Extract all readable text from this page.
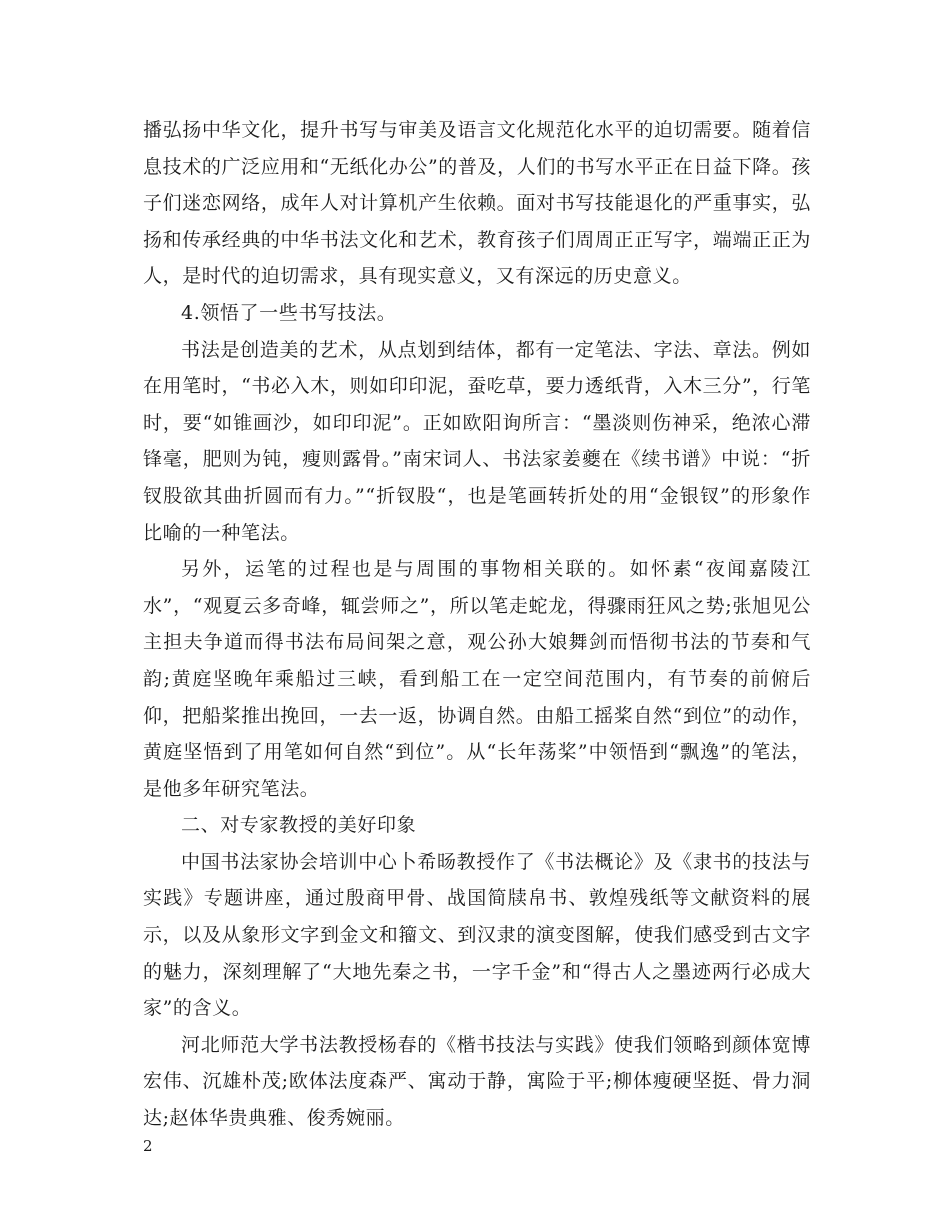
播弘扬中华文化，提升书写与审美及语言文化规范化水平的迫切需要。随着信息技术的广泛应用和“无纸化办公”的普及，人们的书写水平正在日益下降。孩子们迷恋网络，成年人对计算机产生依赖。面对书写技能退化的严重事实，弘扬和传承经典的中华书法文化和艺术，教育孩子们周周正正写字，端端正正为人，是时代的迫切需求，具有现实意义，又有深远的历史意义。

4.领悟了一些书写技法。

书法是创造美的艺术，从点划到结体，都有一定笔法、字法、章法。例如在用笔时，“书必入木，则如印印泥，蚕吃草，要力透纸背，入木三分”，行笔时，要“如锥画沙，如印印泥”。正如欧阳询所言：“墨淡则伤神采，绝浓心滞锋毫，肥则为钝，瘦则露骨。”南宋词人、书法家姜夔在《续书谱》中说：“折钗股欲其曲折圆而有力。”“折钗股“，也是笔画转折处的用“金银钗”的形象作比喻的一种笔法。

另外，运笔的过程也是与周围的事物相关联的。如怀素“夜闻嘉陵江水”，“观夏云多奇峰，辄尝师之”，所以笔走蛇龙，得骤雨狂风之势;张旭见公主担夫争道而得书法布局间架之意，观公孙大娘舞剑而悟彻书法的节奏和气韵;黄庭坚晚年乘船过三峡，看到船工在一定空间范围内，有节奏的前俯后仰，把船桨推出挽回，一去一返，协调自然。由船工摇桨自然“到位”的动作，黄庭坚悟到了用笔如何自然“到位”。从“长年荡桨”中领悟到“飘逸”的笔法，是他多年研究笔法。

二、对专家教授的美好印象

中国书法家协会培训中心卜希旸教授作了《书法概论》及《隶书的技法与实践》专题讲座，通过殷商甲骨、战国简牍帛书、敦煌残纸等文献资料的展示，以及从象形文字到金文和籀文、到汉隶的演变图解，使我们感受到古文字的魅力，深刻理解了“大地先秦之书，一字千金”和“得古人之墨迹两行必成大家”的含义。

河北师范大学书法教授杨春的《楷书技法与实践》使我们领略到颜体宽博宏伟、沉雄朴茂;欧体法度森严、寓动于静，寓险于平;柳体瘦硬坚挺、骨力洞达;赵体华贵典雅、俊秀婉丽。

2
